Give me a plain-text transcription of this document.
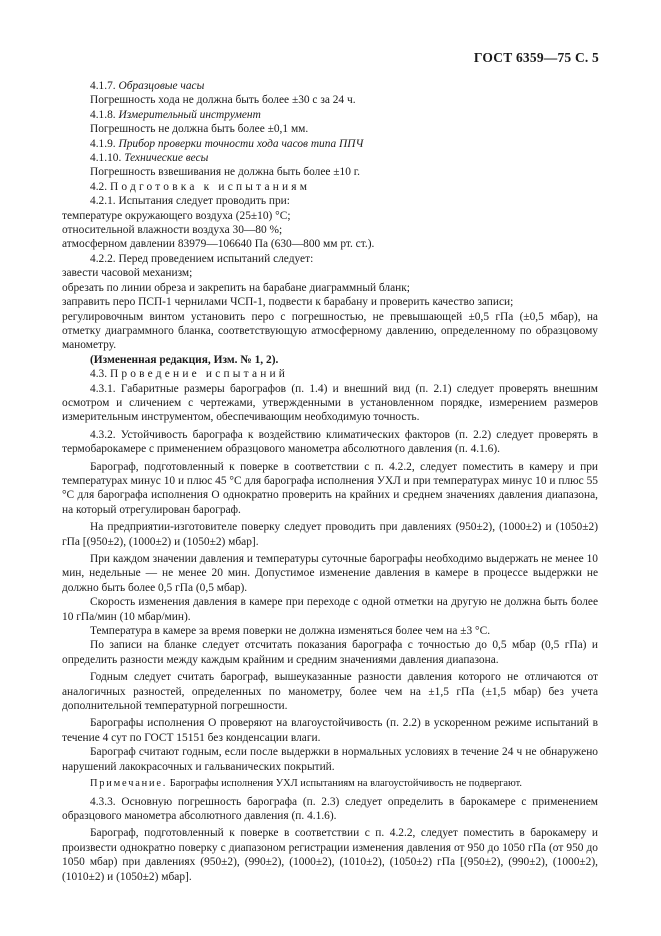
ГОСТ 6359—75 С. 5
4.1.7. Образцовые часы
Погрешность хода не должна быть более ±30 с за 24 ч.
4.1.8. Измерительный инструмент
Погрешность не должна быть более ±0,1 мм.
4.1.9. Прибор проверки точности хода часов типа ППЧ
4.1.10. Технические весы
Погрешность взвешивания не должна быть более ±10 г.
4.2. Подготовка к испытаниям
4.2.1. Испытания следует проводить при:
температуре окружающего воздуха (25±10) °С;
относительной влажности воздуха 30—80 %;
атмосферном давлении 83979—106640 Па (630—800 мм рт. ст.).
4.2.2. Перед проведением испытаний следует:
завести часовой механизм;
обрезать по линии обреза и закрепить на барабане диаграммный бланк;
заправить перо ПСП-1 чернилами ЧСП-1, подвести к барабану и проверить качество записи;
регулировочным винтом установить перо с погрешностью, не превышающей ±0,5 гПа (±0,5 мбар), на отметку диаграммного бланка, соответствующую атмосферному давлению, определенному по образцовому манометру.
(Измененная редакция, Изм. № 1, 2).
4.3. Проведение испытаний
4.3.1. Габаритные размеры барографов (п. 1.4) и внешний вид (п. 2.1) следует проверять внешним осмотром и сличением с чертежами, утвержденными в установленном порядке, измерением размеров измерительным инструментом, обеспечивающим необходимую точность.
4.3.2. Устойчивость барографа к воздействию климатических факторов (п. 2.2) следует проверять в термобарокамере с применением образцового манометра абсолютного давления (п. 4.1.6).
Барограф, подготовленный к поверке в соответствии с п. 4.2.2, следует поместить в камеру и при температурах минус 10 и плюс 45 °С для барографа исполнения УХЛ и при температурах минус 10 и плюс 55 °С для барографа исполнения О однократно проверить на крайних и среднем значениях давления диапазона, на который отрегулирован барограф.
На предприятии-изготовителе поверку следует проводить при давлениях (950±2), (1000±2) и (1050±2) гПа [(950±2), (1000±2) и (1050±2) мбар].
При каждом значении давления и температуры суточные барографы необходимо выдержать не менее 10 мин, недельные — не менее 20 мин. Допустимое изменение давления в камере в процессе выдержки не должно быть более 0,5 гПа (0,5 мбар).
Скорость изменения давления в камере при переходе с одной отметки на другую не должна быть более 10 гПа/мин (10 мбар/мин).
Температура в камере за время поверки не должна изменяться более чем на ±3 °С.
По записи на бланке следует отсчитать показания барографа с точностью до 0,5 мбар (0,5 гПа) и определить разности между каждым крайним и средним значениями давления диапазона.
Годным следует считать барограф, вышеуказанные разности давления которого не отличаются от аналогичных разностей, определенных по манометру, более чем на ±1,5 гПа (±1,5 мбар) без учета дополнительной температурной погрешности.
Барографы исполнения О проверяют на влагоустойчивость (п. 2.2) в ускоренном режиме испытаний в течение 4 сут по ГОСТ 15151 без конденсации влаги.
Барограф считают годным, если после выдержки в нормальных условиях в течение 24 ч не обнаружено нарушений лакокрасочных и гальванических покрытий.
Примечание. Барографы исполнения УХЛ испытаниям на влагоустойчивость не подвергают.
4.3.3. Основную погрешность барографа (п. 2.3) следует определить в барокамере с применением образцового манометра абсолютного давления (п. 4.1.6).
Барограф, подготовленный к поверке в соответствии с п. 4.2.2, следует поместить в барокамеру и произвести однократно поверку с диапазоном регистрации изменения давления от 950 до 1050 гПа (от 950 до 1050 мбар) при давлениях (950±2), (990±2), (1000±2), (1010±2), (1050±2) гПа [(950±2), (990±2), (1000±2), (1010±2) и (1050±2) мбар].
